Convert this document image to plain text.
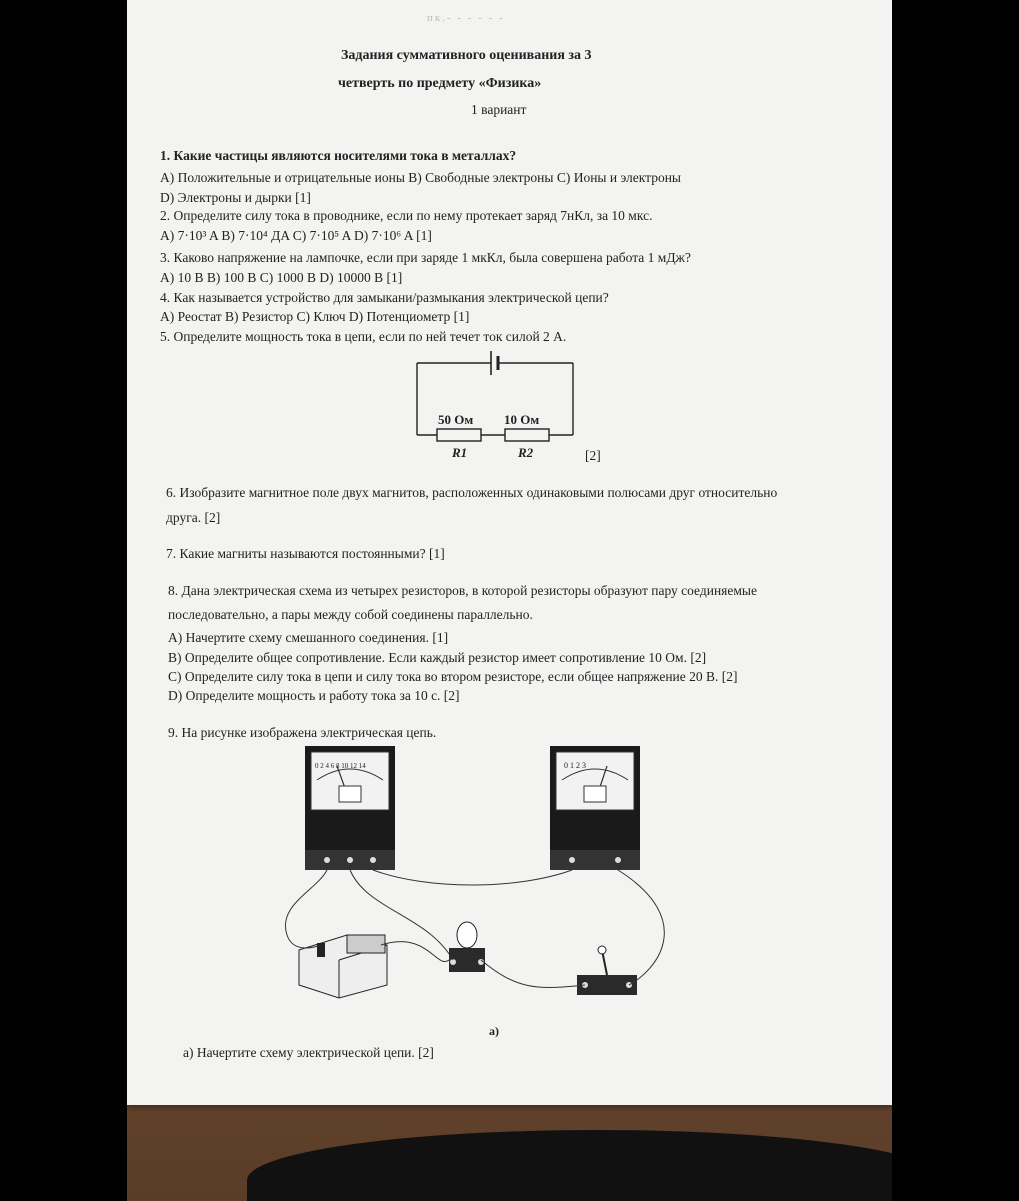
пк.- - - - - -
Задания суммативного оценивания за 3
четверть по предмету «Физика»
1 вариант
1. Какие частицы являются носителями тока в металлах?
A) Положительные и отрицательные ионы B) Свободные электроны C) Ионы и электроны
D) Электроны и дырки [1]
2. Определите силу тока в проводнике, если по нему протекает заряд 7нКл, за 10 мкс.
A) 7·10³ A B) 7·10⁴ ДA C) 7·10⁵ A D) 7·10⁶ A [1]
3. Каково напряжение на лампочке, если при заряде 1 мкКл, была совершена работа 1 мДж?
A) 10 B B) 100 B C) 1000 B D) 10000 B [1]
4. Как называется устройство для замыкани/размыкания электрической цепи?
A) Реостат B) Резистор C) Ключ D) Потенциометр [1]
5. Определите мощность тока в цепи, если по ней течет ток силой 2 A.
50 Ом 10 Ом
R1	R2	[2]
6. Изобразите магнитное поле двух магнитов, расположенных одинаковыми полюсами друг относительно
друга. [2]
7. Какие магниты называются постоянными? [1]
8. Дана электрическая схема из четырех резисторов, в которой резисторы образуют пару соединяемые
последовательно, а пары между собой соединены параллельно.
A) Начертите схему смешанного соединения. [1]
B) Определите общее сопротивление. Если каждый резистор имеет сопротивление 10 Ом. [2]
C) Определите силу тока в цепи и силу тока во втором резисторе, если общее напряжение 20 B. [2]
D) Определите мощность и работу тока за 10 с. [2]
9. На рисунке изображена электрическая цепь.
0 2 4 6 8 10 12 14	0 1 2 3
a)
a) Начертите схему электрической цепи. [2]
